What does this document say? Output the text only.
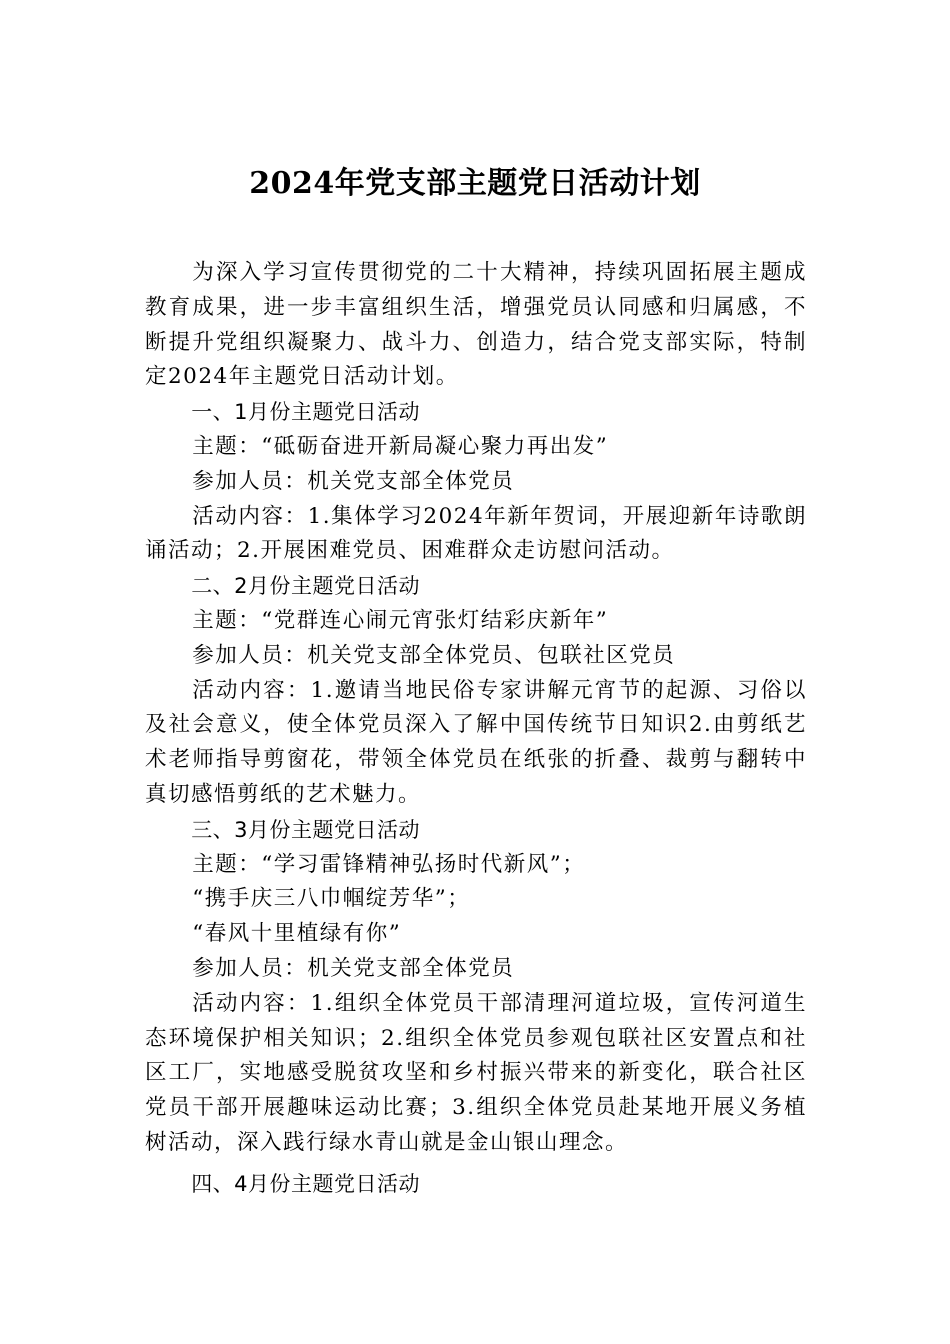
2024年党支部主题党日活动计划

为深入学习宣传贯彻党的二十大精神，持续巩固拓展主题成教育成果，进一步丰富组织生活，增强党员认同感和归属感，不断提升党组织凝聚力、战斗力、创造力，结合党支部实际，特制定2024年主题党日活动计划。

一、1月份主题党日活动

主题：“砥砺奋进开新局凝心聚力再出发”

参加人员：机关党支部全体党员

活动内容：1.集体学习2024年新年贺词，开展迎新年诗歌朗诵活动；2.开展困难党员、困难群众走访慰问活动。

二、2月份主题党日活动

主题：“党群连心闹元宵张灯结彩庆新年”

参加人员：机关党支部全体党员、包联社区党员

活动内容：1.邀请当地民俗专家讲解元宵节的起源、习俗以及社会意义，使全体党员深入了解中国传统节日知识2.由剪纸艺术老师指导剪窗花，带领全体党员在纸张的折叠、裁剪与翻转中真切感悟剪纸的艺术魅力。

三、3月份主题党日活动

主题：“学习雷锋精神弘扬时代新风”；

“携手庆三八巾帼绽芳华”；

“春风十里植绿有你”

参加人员：机关党支部全体党员

活动内容：1.组织全体党员干部清理河道垃圾，宣传河道生态环境保护相关知识；2.组织全体党员参观包联社区安置点和社区工厂，实地感受脱贫攻坚和乡村振兴带来的新变化，联合社区党员干部开展趣味运动比赛；3.组织全体党员赴某地开展义务植树活动，深入践行绿水青山就是金山银山理念。

四、4月份主题党日活动
